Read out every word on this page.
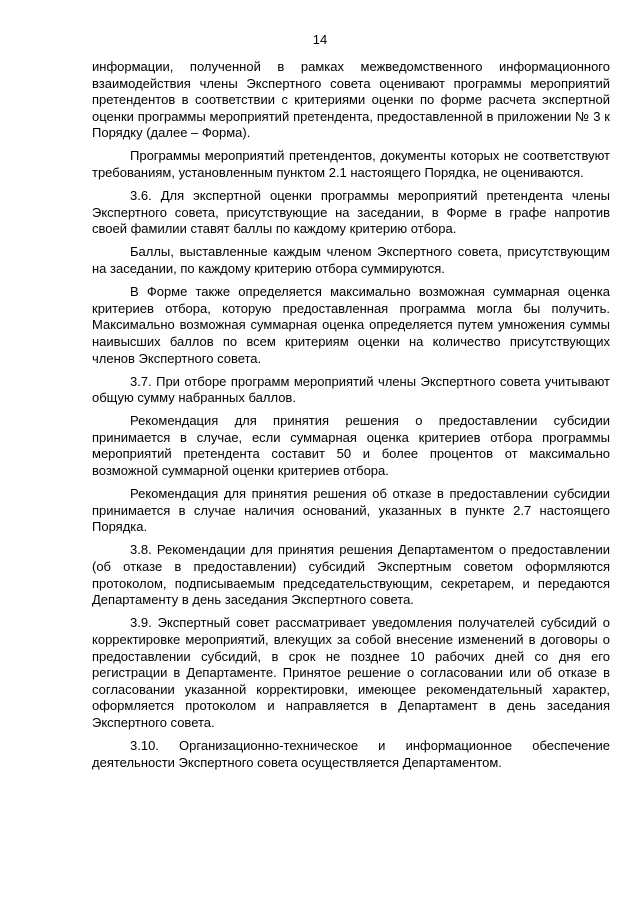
14

информации, полученной в рамках межведомственного информационного взаимодействия члены Экспертного совета оценивают программы мероприятий претендентов в соответствии с критериями оценки по форме расчета экспертной оценки программы мероприятий претендента, предоставленной в приложении № 3 к Порядку (далее – Форма).

Программы мероприятий претендентов, документы которых не соответствуют требованиям, установленным пунктом 2.1 настоящего Порядка, не оцениваются.

3.6. Для экспертной оценки программы мероприятий претендента члены Экспертного совета, присутствующие на заседании, в Форме в графе напротив своей фамилии ставят баллы по каждому критерию отбора.

Баллы, выставленные каждым членом Экспертного совета, присутствующим на заседании, по каждому критерию отбора суммируются.

В Форме также определяется максимально возможная суммарная оценка критериев отбора, которую предоставленная программа могла бы получить. Максимально возможная суммарная оценка определяется путем умножения суммы наивысших баллов по всем критериям оценки на количество присутствующих членов Экспертного совета.

3.7. При отборе программ мероприятий члены Экспертного совета учитывают общую сумму набранных баллов.

Рекомендация для принятия решения о предоставлении субсидии принимается в случае, если суммарная оценка критериев отбора программы мероприятий претендента составит 50 и более процентов от максимально возможной суммарной оценки критериев отбора.

Рекомендация для принятия решения об отказе в предоставлении субсидии принимается в случае наличия оснований, указанных в пункте 2.7 настоящего Порядка.

3.8. Рекомендации для принятия решения Департаментом о предоставлении (об отказе в предоставлении) субсидий Экспертным советом оформляются протоколом, подписываемым председательствующим, секретарем, и передаются Департаменту в день заседания Экспертного совета.

3.9. Экспертный совет рассматривает уведомления получателей субсидий о корректировке мероприятий, влекущих за собой внесение изменений в договоры о предоставлении субсидий, в срок не позднее 10 рабочих дней со дня его регистрации в Департаменте. Принятое решение о согласовании или об отказе в согласовании указанной корректировки, имеющее рекомендательный характер, оформляется протоколом и направляется в Департамент в день заседания Экспертного совета.

3.10. Организационно-техническое и информационное обеспечение деятельности Экспертного совета осуществляется Департаментом.
